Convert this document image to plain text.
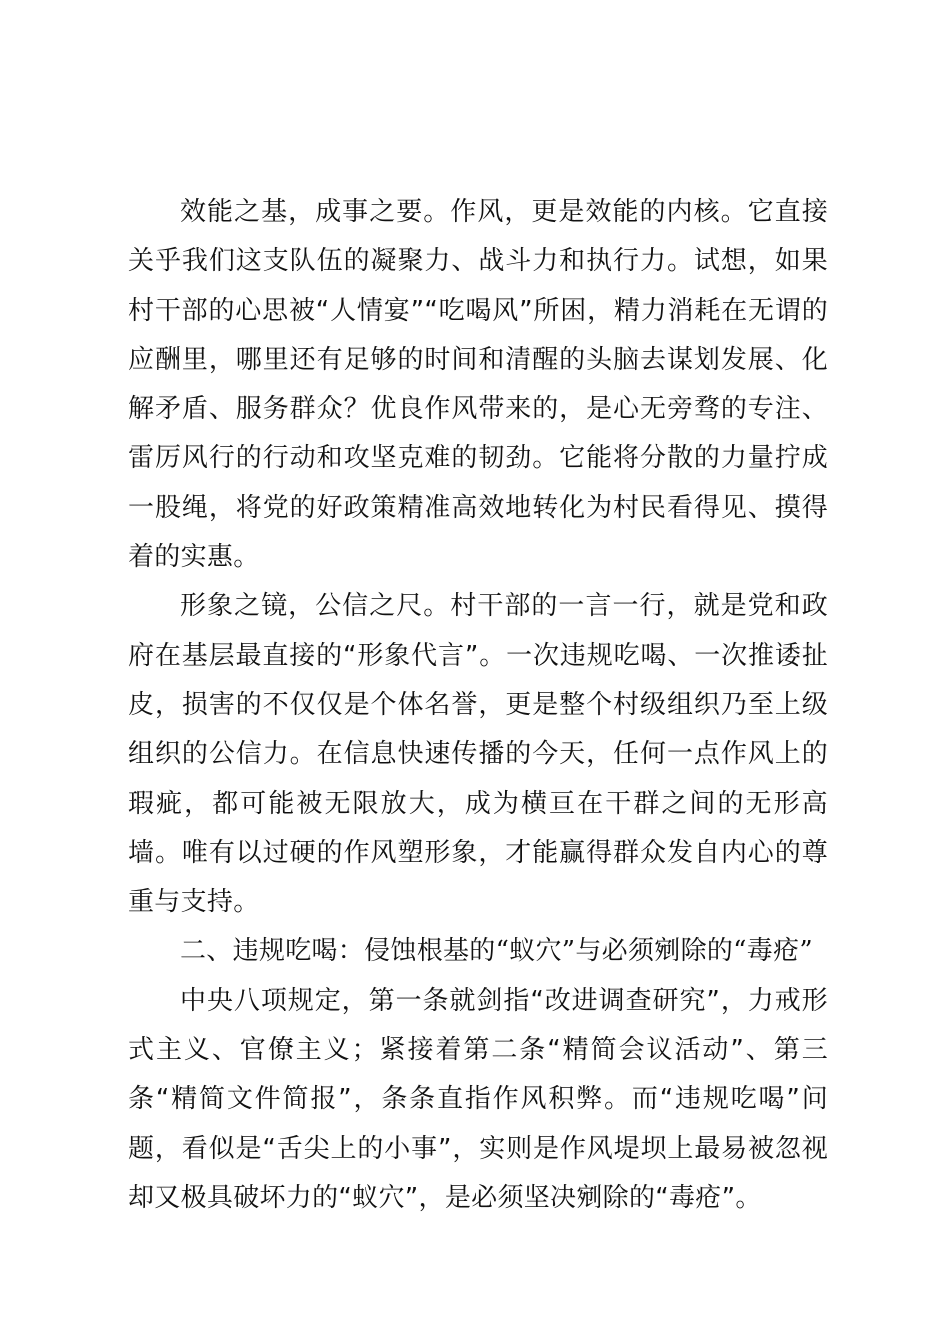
效能之基，成事之要。作风，更是效能的内核。它直接关乎我们这支队伍的凝聚力、战斗力和执行力。试想，如果村干部的心思被“人情宴”“吃喝风”所困，精力消耗在无谓的应酬里，哪里还有足够的时间和清醒的头脑去谋划发展、化解矛盾、服务群众？优良作风带来的，是心无旁骛的专注、雷厉风行的行动和攻坚克难的韧劲。它能将分散的力量拧成一股绳，将党的好政策精准高效地转化为村民看得见、摸得着的实惠。

形象之镜，公信之尺。村干部的一言一行，就是党和政府在基层最直接的“形象代言”。一次违规吃喝、一次推诿扯皮，损害的不仅仅是个体名誉，更是整个村级组织乃至上级组织的公信力。在信息快速传播的今天，任何一点作风上的瑕疵，都可能被无限放大，成为横亘在干群之间的无形高墙。唯有以过硬的作风塑形象，才能赢得群众发自内心的尊重与支持。

二、违规吃喝：侵蚀根基的“蚁穴”与必须剜除的“毒疮”

中央八项规定，第一条就剑指“改进调查研究”，力戒形式主义、官僚主义；紧接着第二条“精简会议活动”、第三条“精简文件简报”，条条直指作风积弊。而“违规吃喝”问题，看似是“舌尖上的小事”，实则是作风堤坝上最易被忽视却又极具破坏力的“蚁穴”，是必须坚决剜除的“毒疮”。
